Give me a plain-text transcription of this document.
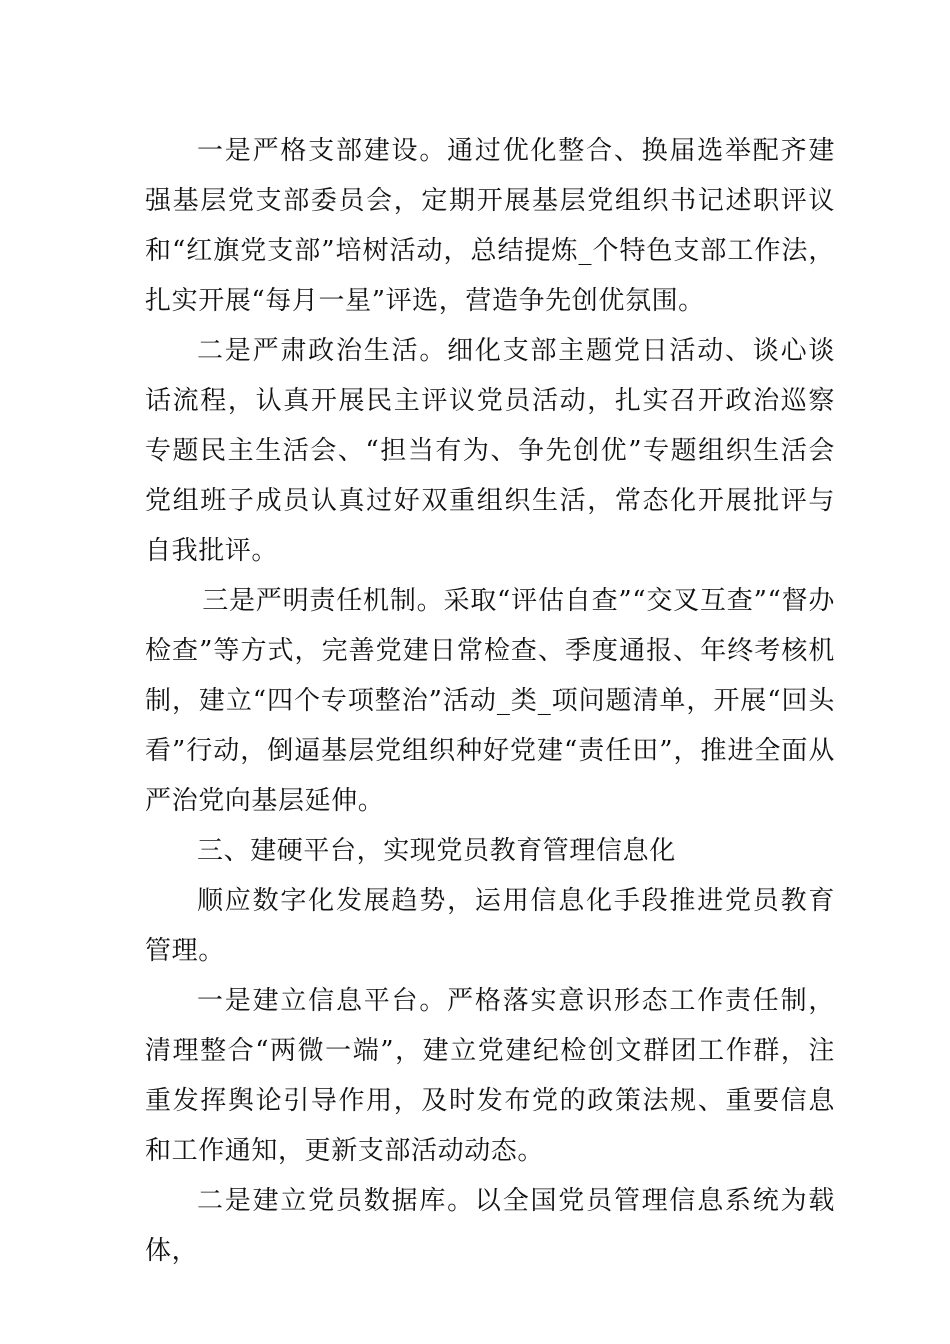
一是严格支部建设。通过优化整合、换届选举配齐建强基层党支部委员会，定期开展基层党组织书记述职评议和“红旗党支部”培树活动，总结提炼_个特色支部工作法，扎实开展“每月一星”评选，营造争先创优氛围。

二是严肃政治生活。细化支部主题党日活动、谈心谈话流程，认真开展民主评议党员活动，扎实召开政治巡察专题民主生活会、“担当有为、争先创优”专题组织生活会党组班子成员认真过好双重组织生活，常态化开展批评与自我批评。

三是严明责任机制。采取“评估自查”“交叉互查”“督办检查”等方式，完善党建日常检查、季度通报、年终考核机制，建立“四个专项整治”活动_类_项问题清单，开展“回头看”行动，倒逼基层党组织种好党建“责任田”，推进全面从严治党向基层延伸。

三、建硬平台，实现党员教育管理信息化

顺应数字化发展趋势，运用信息化手段推进党员教育管理。

一是建立信息平台。严格落实意识形态工作责任制，清理整合“两微一端”，建立党建纪检创文群团工作群，注重发挥舆论引导作用，及时发布党的政策法规、重要信息和工作通知，更新支部活动动态。

二是建立党员数据库。以全国党员管理信息系统为载体，
